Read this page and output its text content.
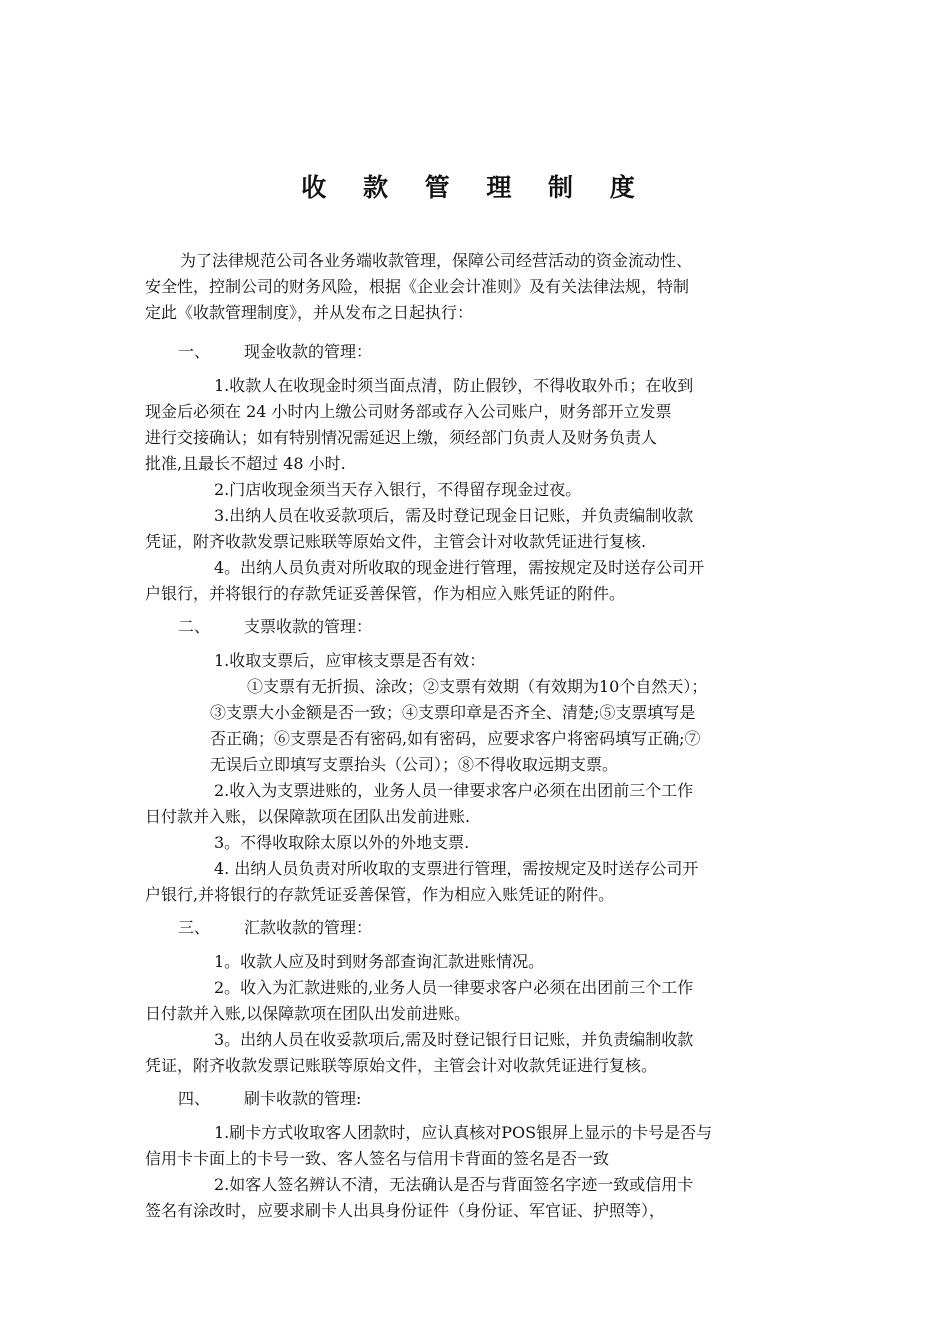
收 款 管 理 制 度
为了法律规范公司各业务端收款管理，保障公司经营活动的资金流动性、
安全性，控制公司的财务风险，根据《企业会计准则》及有关法律法规，特制
定此《收款管理制度》，并从发布之日起执行：
一、 现金收款的管理：
1.收款人在收现金时须当面点清，防止假钞，不得收取外币；在收到
现金后必须在 24 小时内上缴公司财务部或存入公司账户，财务部开立发票
进行交接确认；如有特别情况需延迟上缴，须经部门负责人及财务负责人
批准,且最长不超过 48 小时.
2.门店收现金须当天存入银行，不得留存现金过夜。
3.出纳人员在收妥款项后，需及时登记现金日记账，并负责编制收款
凭证，附齐收款发票记账联等原始文件，主管会计对收款凭证进行复核.
4。出纳人员负责对所收取的现金进行管理，需按规定及时送存公司开
户银行，并将银行的存款凭证妥善保管，作为相应入账凭证的附件。
二、 支票收款的管理：
1.收取支票后，应审核支票是否有效：
①支票有无折损、涂改；②支票有效期（有效期为10个自然天）；
③支票大小金额是否一致；④支票印章是否齐全、清楚;⑤支票填写是
否正确；⑥支票是否有密码,如有密码，应要求客户将密码填写正确;⑦
无误后立即填写支票抬头（公司）；⑧不得收取远期支票。
2.收入为支票进账的，业务人员一律要求客户必须在出团前三个工作
日付款并入账，以保障款项在团队出发前进账.
3。不得收取除太原以外的外地支票.
4. 出纳人员负责对所收取的支票进行管理，需按规定及时送存公司开
户银行,并将银行的存款凭证妥善保管，作为相应入账凭证的附件。
三、 汇款收款的管理：
1。收款人应及时到财务部查询汇款进账情况。
2。收入为汇款进账的,业务人员一律要求客户必须在出团前三个工作
日付款并入账,以保障款项在团队出发前进账。
3。出纳人员在收妥款项后,需及时登记银行日记账，并负责编制收款
凭证，附齐收款发票记账联等原始文件，主管会计对收款凭证进行复核。
四、 刷卡收款的管理:
1.刷卡方式收取客人团款时，应认真核对POS银屏上显示的卡号是否与
信用卡卡面上的卡号一致、客人签名与信用卡背面的签名是否一致
2.如客人签名辨认不清，无法确认是否与背面签名字迹一致或信用卡
签名有涂改时，应要求刷卡人出具身份证件（身份证、军官证、护照等），
